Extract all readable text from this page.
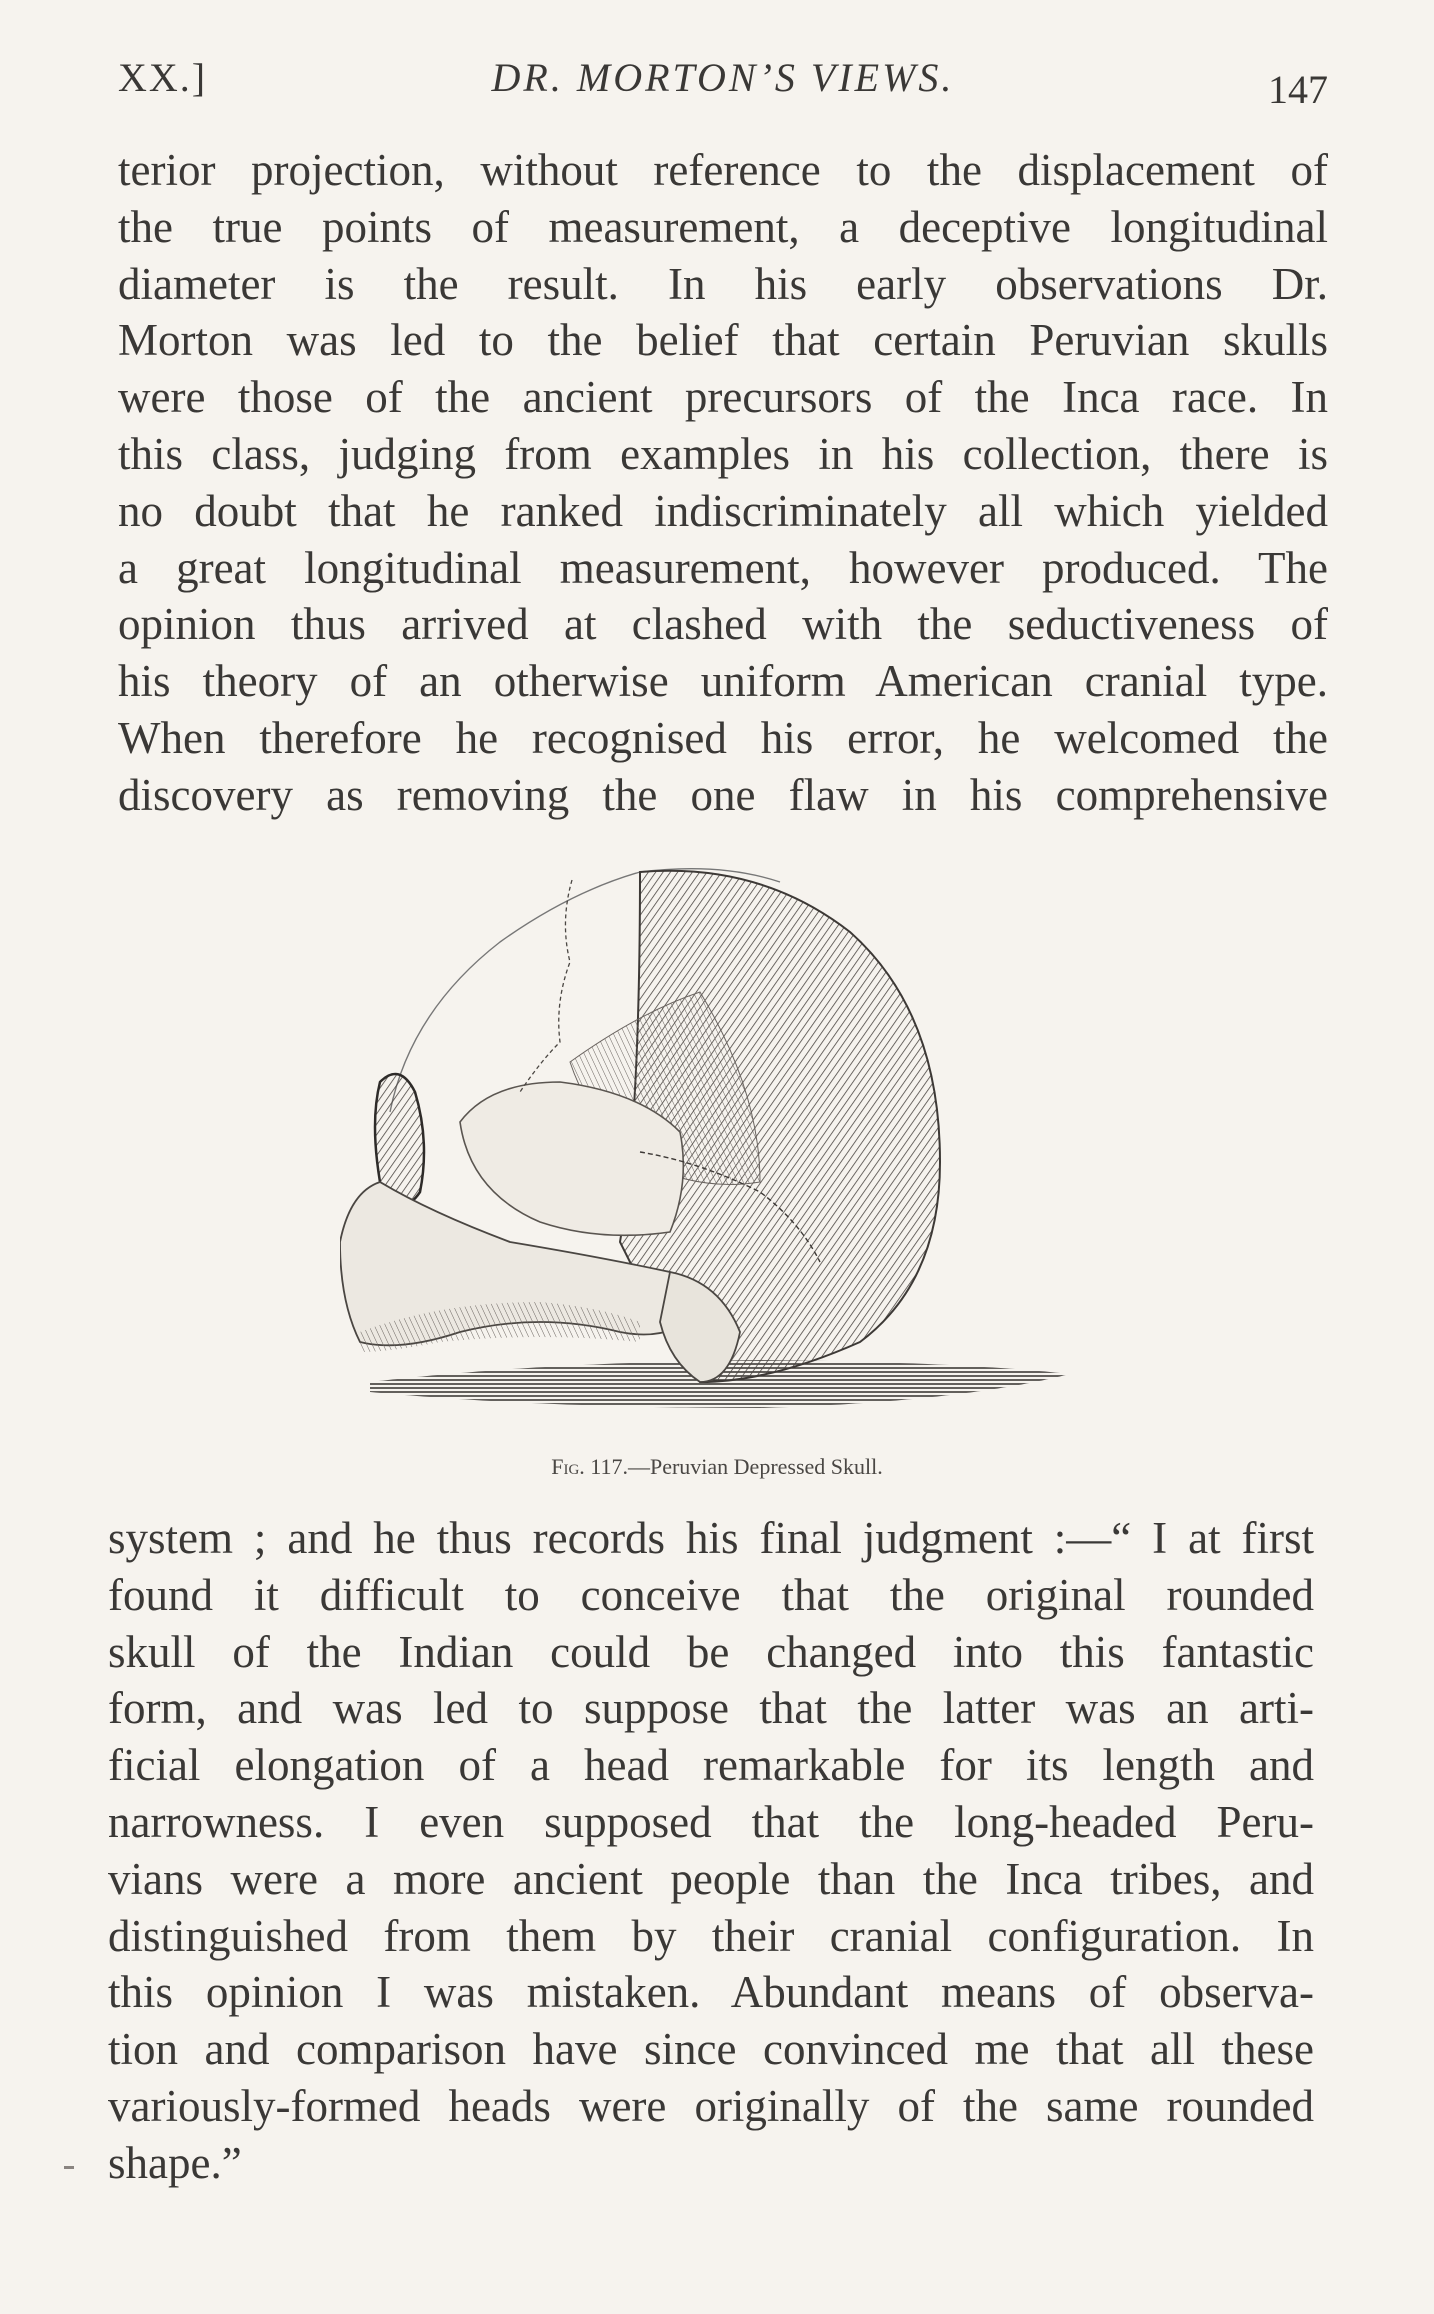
XX.]	DR. MORTON’S VIEWS.	147

terior projection, without reference to the displacement of
the true points of measurement, a deceptive longitudinal
diameter is the result. In his early observations Dr.
Morton was led to the belief that certain Peruvian skulls
were those of the ancient precursors of the Inca race. In
this class, judging from examples in his collection, there is
no doubt that he ranked indiscriminately all which yielded
a great longitudinal measurement, however produced. The
opinion thus arrived at clashed with the seductiveness of
his theory of an otherwise uniform American cranial type.
When therefore he recognised his error, he welcomed the
discovery as removing the one flaw in his comprehensive

Fig. 117.—Peruvian Depressed Skull.

system ; and he thus records his final judgment :—“ I at first
found it difficult to conceive that the original rounded
skull of the Indian could be changed into this fantastic
form, and was led to suppose that the latter was an arti-
ficial elongation of a head remarkable for its length and
narrowness. I even supposed that the long-headed Peru-
vians were a more ancient people than the Inca tribes, and
distinguished from them by their cranial configuration. In
this opinion I was mistaken. Abundant means of observa-
tion and comparison have since convinced me that all these
variously-formed heads were originally of the same rounded
shape.”
